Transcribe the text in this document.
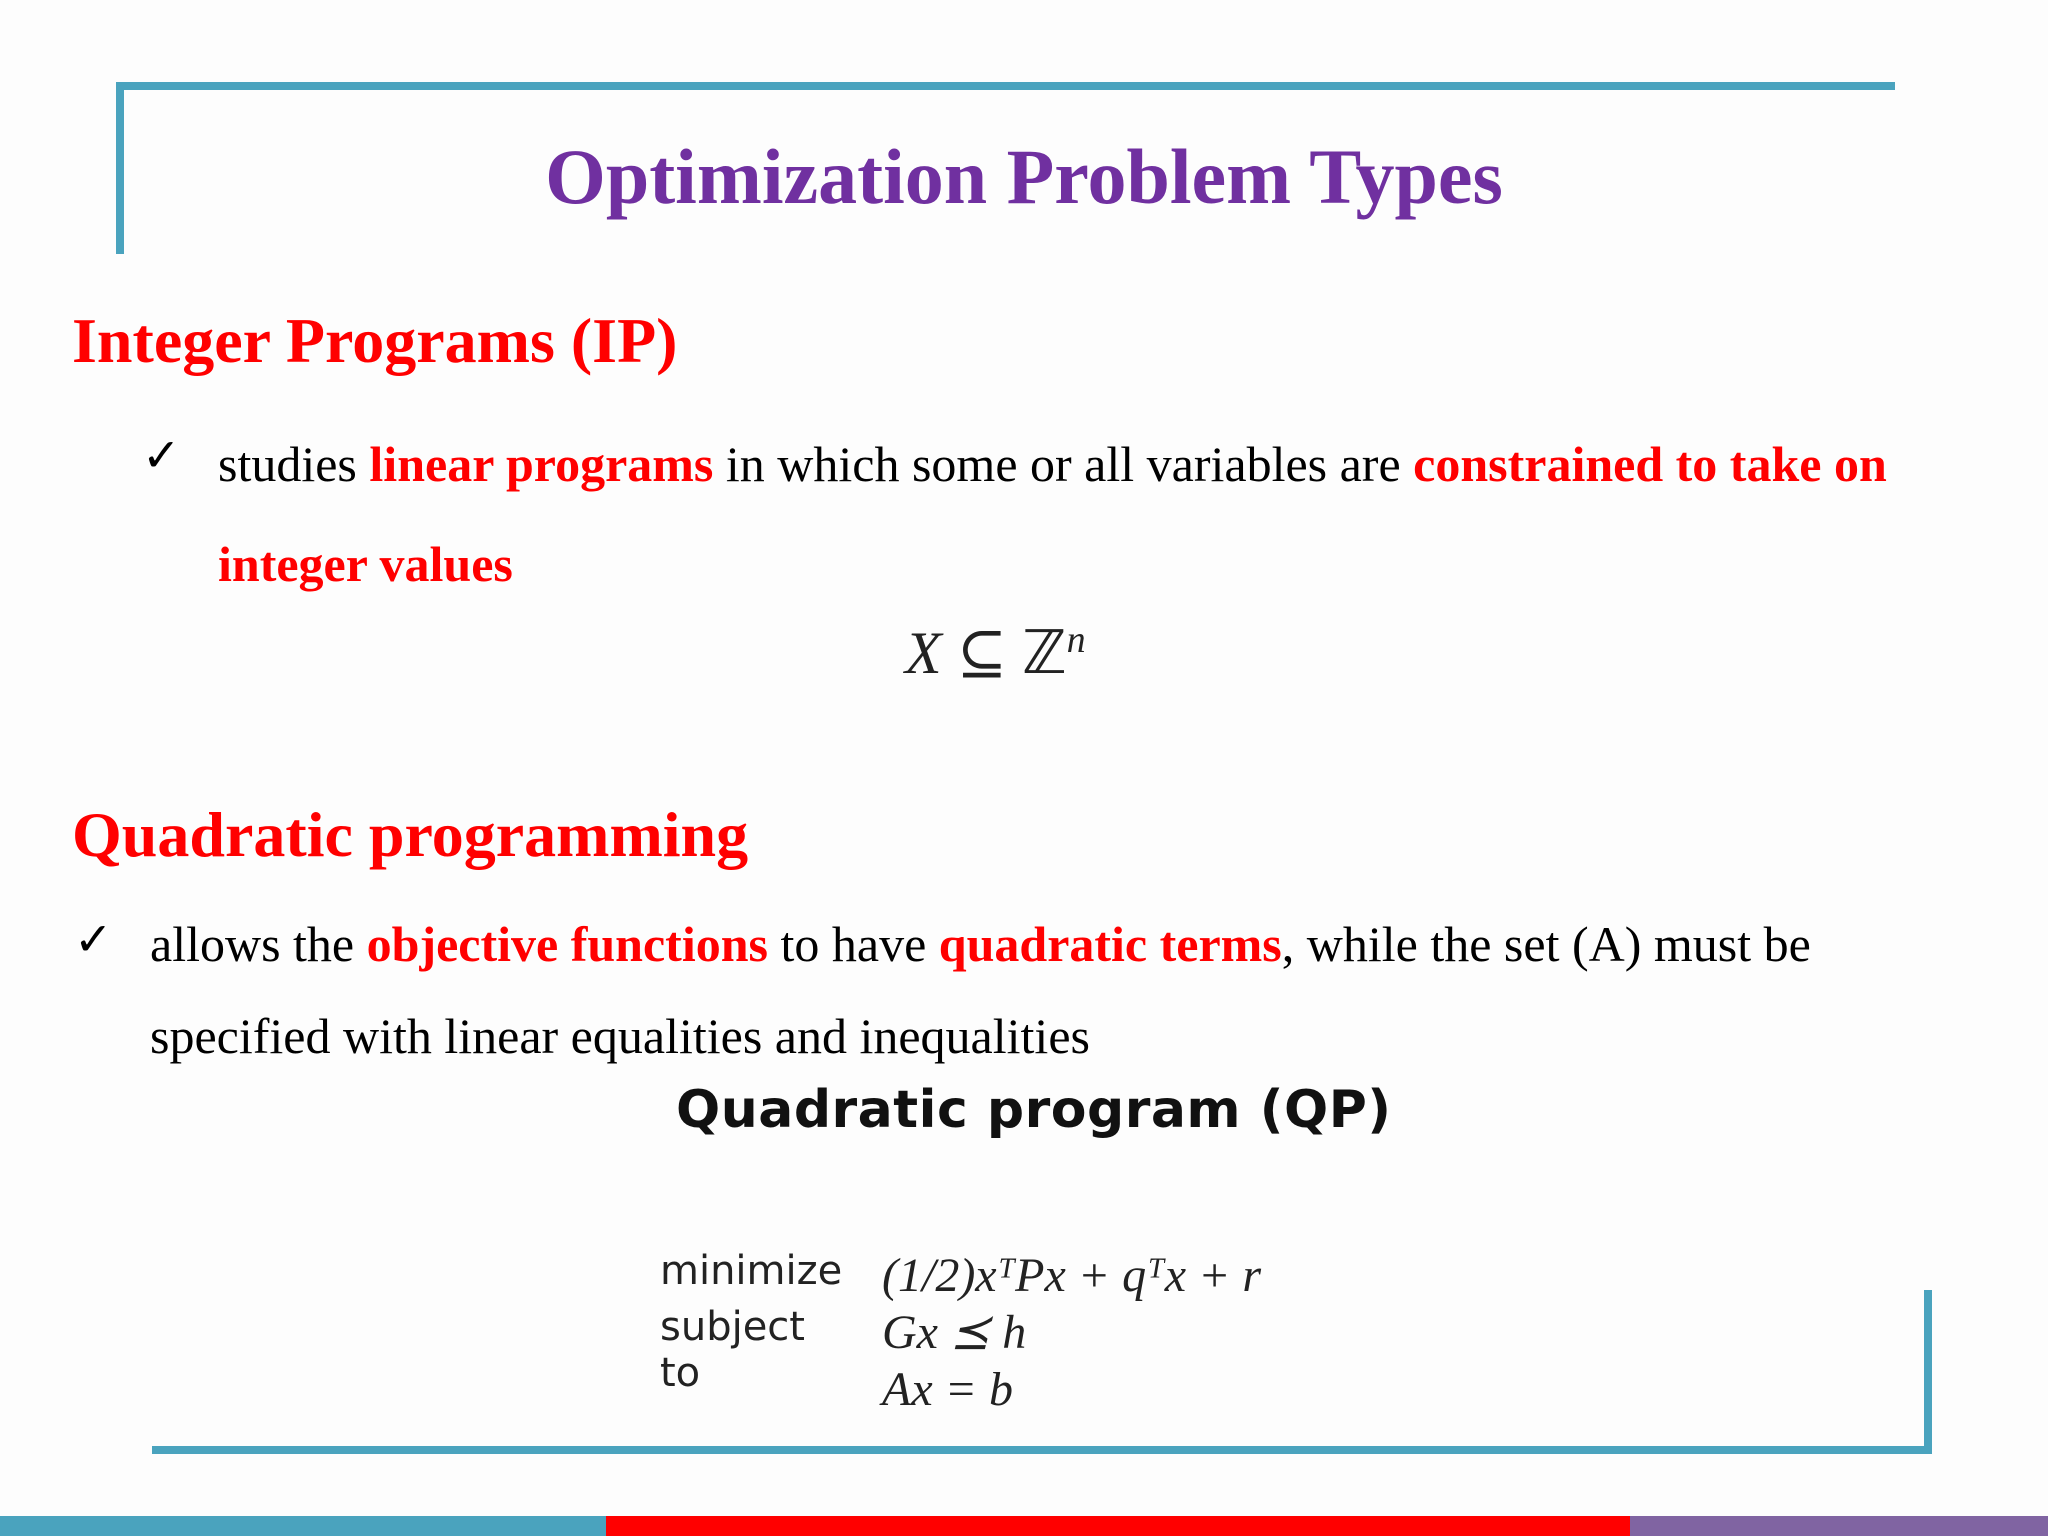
Optimization Problem Types
Integer Programs (IP)
✓ studies linear programs in which some or all variables are constrained to take on integer values

X ⊆ ℤ$^n$
Quadratic programming
✓ allows the objective functions to have quadratic terms, while the set (A) must be specified with linear equalities and inequalities

Quadratic program (QP)
minimize (1/2)xᵀPx + qᵀx + r
subject to
Gx ⪯ h
Ax = b
